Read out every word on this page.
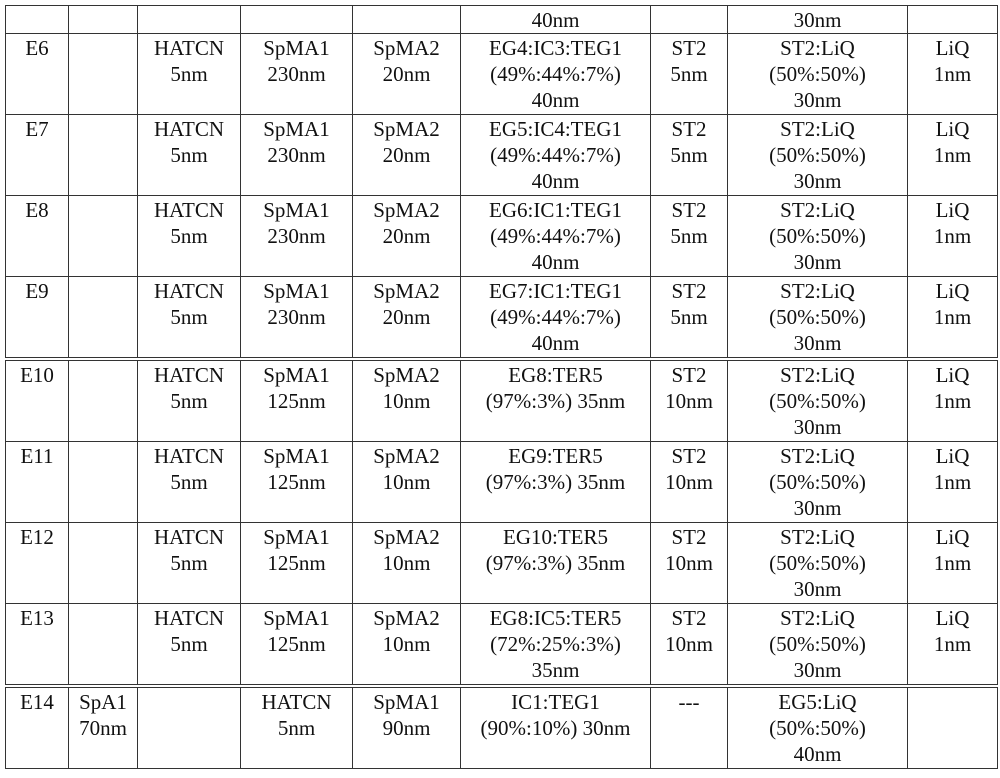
					40nm		30nm	
E6		HATCN
5nm	SpMA1
230nm	SpMA2
20nm	EG4:IC3:TEG1
(49%:44%:7%)
40nm	ST2
5nm	ST2:LiQ
(50%:50%)
30nm	LiQ
1nm
E7		HATCN
5nm	SpMA1
230nm	SpMA2
20nm	EG5:IC4:TEG1
(49%:44%:7%)
40nm	ST2
5nm	ST2:LiQ
(50%:50%)
30nm	LiQ
1nm
E8		HATCN
5nm	SpMA1
230nm	SpMA2
20nm	EG6:IC1:TEG1
(49%:44%:7%)
40nm	ST2
5nm	ST2:LiQ
(50%:50%)
30nm	LiQ
1nm
E9		HATCN
5nm	SpMA1
230nm	SpMA2
20nm	EG7:IC1:TEG1
(49%:44%:7%)
40nm	ST2
5nm	ST2:LiQ
(50%:50%)
30nm	LiQ
1nm
E10		HATCN
5nm	SpMA1
125nm	SpMA2
10nm	EG8:TER5
(97%:3%) 35nm	ST2
10nm	ST2:LiQ
(50%:50%)
30nm	LiQ
1nm
E11		HATCN
5nm	SpMA1
125nm	SpMA2
10nm	EG9:TER5
(97%:3%) 35nm	ST2
10nm	ST2:LiQ
(50%:50%)
30nm	LiQ
1nm
E12		HATCN
5nm	SpMA1
125nm	SpMA2
10nm	EG10:TER5
(97%:3%) 35nm	ST2
10nm	ST2:LiQ
(50%:50%)
30nm	LiQ
1nm
E13		HATCN
5nm	SpMA1
125nm	SpMA2
10nm	EG8:IC5:TER5
(72%:25%:3%)
35nm	ST2
10nm	ST2:LiQ
(50%:50%)
30nm	LiQ
1nm
E14	SpA1
70nm		HATCN
5nm	SpMA1
90nm	IC1:TEG1
(90%:10%) 30nm	---	EG5:LiQ
(50%:50%)
40nm	
